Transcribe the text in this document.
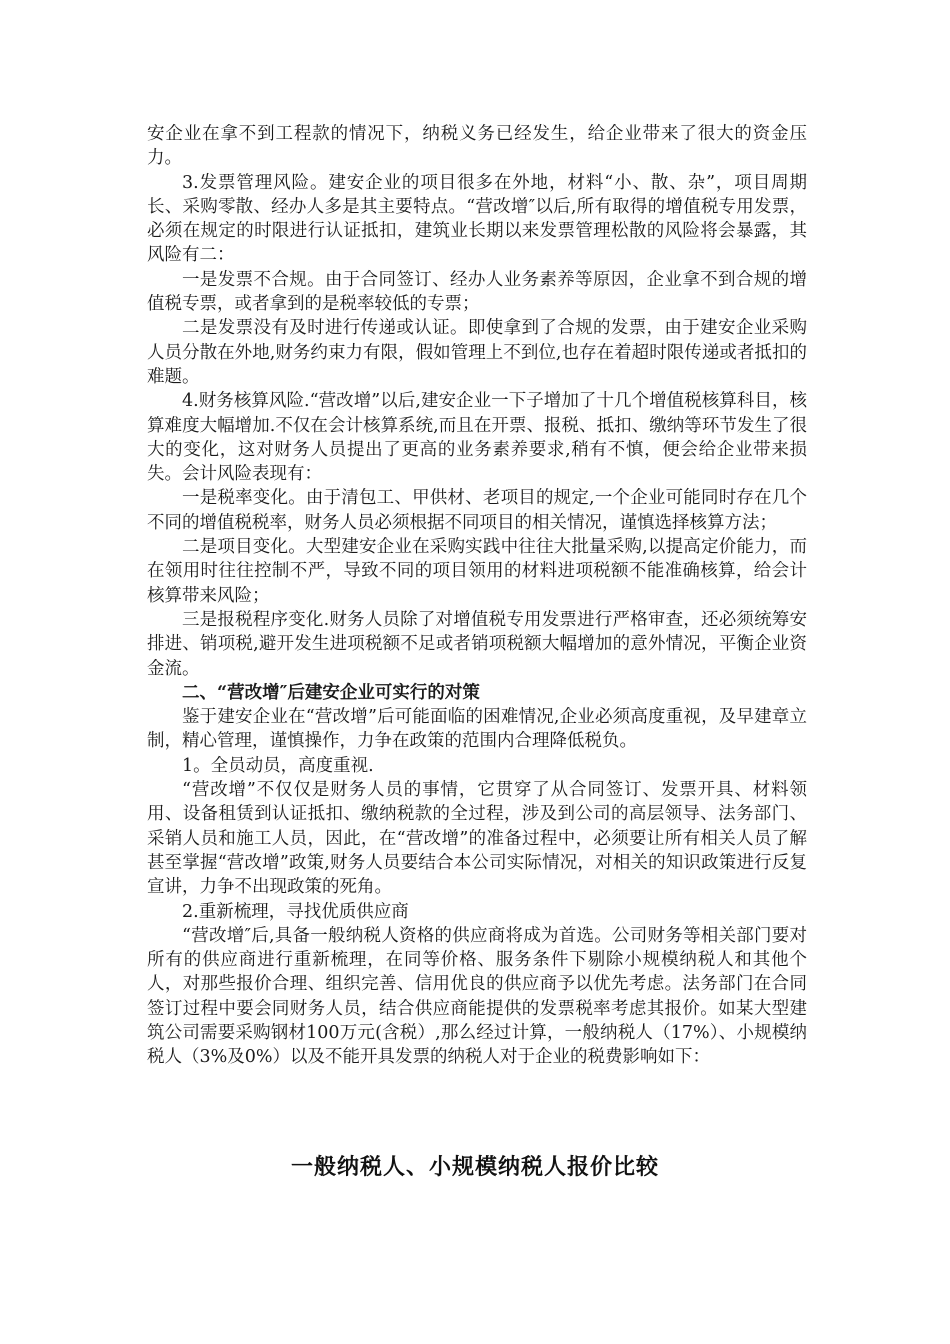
安企业在拿不到工程款的情况下，纳税义务已经发生，给企业带来了很大的资金压力。

3.发票管理风险。建安企业的项目很多在外地，材料“小、散、杂”，项目周期长、采购零散、经办人多是其主要特点。“营改增″以后,所有取得的增值税专用发票，必须在规定的时限进行认证抵扣，建筑业长期以来发票管理松散的风险将会暴露，其风险有二：

一是发票不合规。由于合同签订、经办人业务素养等原因，企业拿不到合规的增值税专票，或者拿到的是税率较低的专票；

二是发票没有及时进行传递或认证。即使拿到了合规的发票，由于建安企业采购人员分散在外地,财务约束力有限，假如管理上不到位,也存在着超时限传递或者抵扣的难题。

4.财务核算风险.“营改增”以后,建安企业一下子增加了十几个增值税核算科目，核算难度大幅增加.不仅在会计核算系统,而且在开票、报税、抵扣、缴纳等环节发生了很大的变化，这对财务人员提出了更高的业务素养要求,稍有不慎，便会给企业带来损失。会计风险表现有：

一是税率变化。由于清包工、甲供材、老项目的规定,一个企业可能同时存在几个不同的增值税税率，财务人员必须根据不同项目的相关情况，谨慎选择核算方法；

二是项目变化。大型建安企业在采购实践中往往大批量采购,以提高定价能力，而在领用时往往控制不严，导致不同的项目领用的材料进项税额不能准确核算，给会计核算带来风险；

三是报税程序变化.财务人员除了对增值税专用发票进行严格审查，还必须统筹安排进、销项税,避开发生进项税额不足或者销项税额大幅增加的意外情况，平衡企业资金流。

二、“营改增″后建安企业可实行的对策

鉴于建安企业在“营改增”后可能面临的困难情况,企业必须高度重视，及早建章立制，精心管理，谨慎操作，力争在政策的范围内合理降低税负。

1。全员动员，高度重视.

“营改增”不仅仅是财务人员的事情，它贯穿了从合同签订、发票开具、材料领用、设备租赁到认证抵扣、缴纳税款的全过程，涉及到公司的高层领导、法务部门、采销人员和施工人员，因此，在“营改增”的准备过程中，必须要让所有相关人员了解甚至掌握“营改增”政策,财务人员要结合本公司实际情况，对相关的知识政策进行反复宣讲，力争不出现政策的死角。

2.重新梳理，寻找优质供应商

“营改增″后,具备一般纳税人资格的供应商将成为首选。公司财务等相关部门要对所有的供应商进行重新梳理，在同等价格、服务条件下剔除小规模纳税人和其他个人，对那些报价合理、组织完善、信用优良的供应商予以优先考虑。法务部门在合同签订过程中要会同财务人员，结合供应商能提供的发票税率考虑其报价。如某大型建筑公司需要采购钢材100万元(含税）,那么经过计算，一般纳税人（17%）、小规模纳税人（3%及0%）以及不能开具发票的纳税人对于企业的税费影响如下：

一般纳税人、小规模纳税人报价比较
